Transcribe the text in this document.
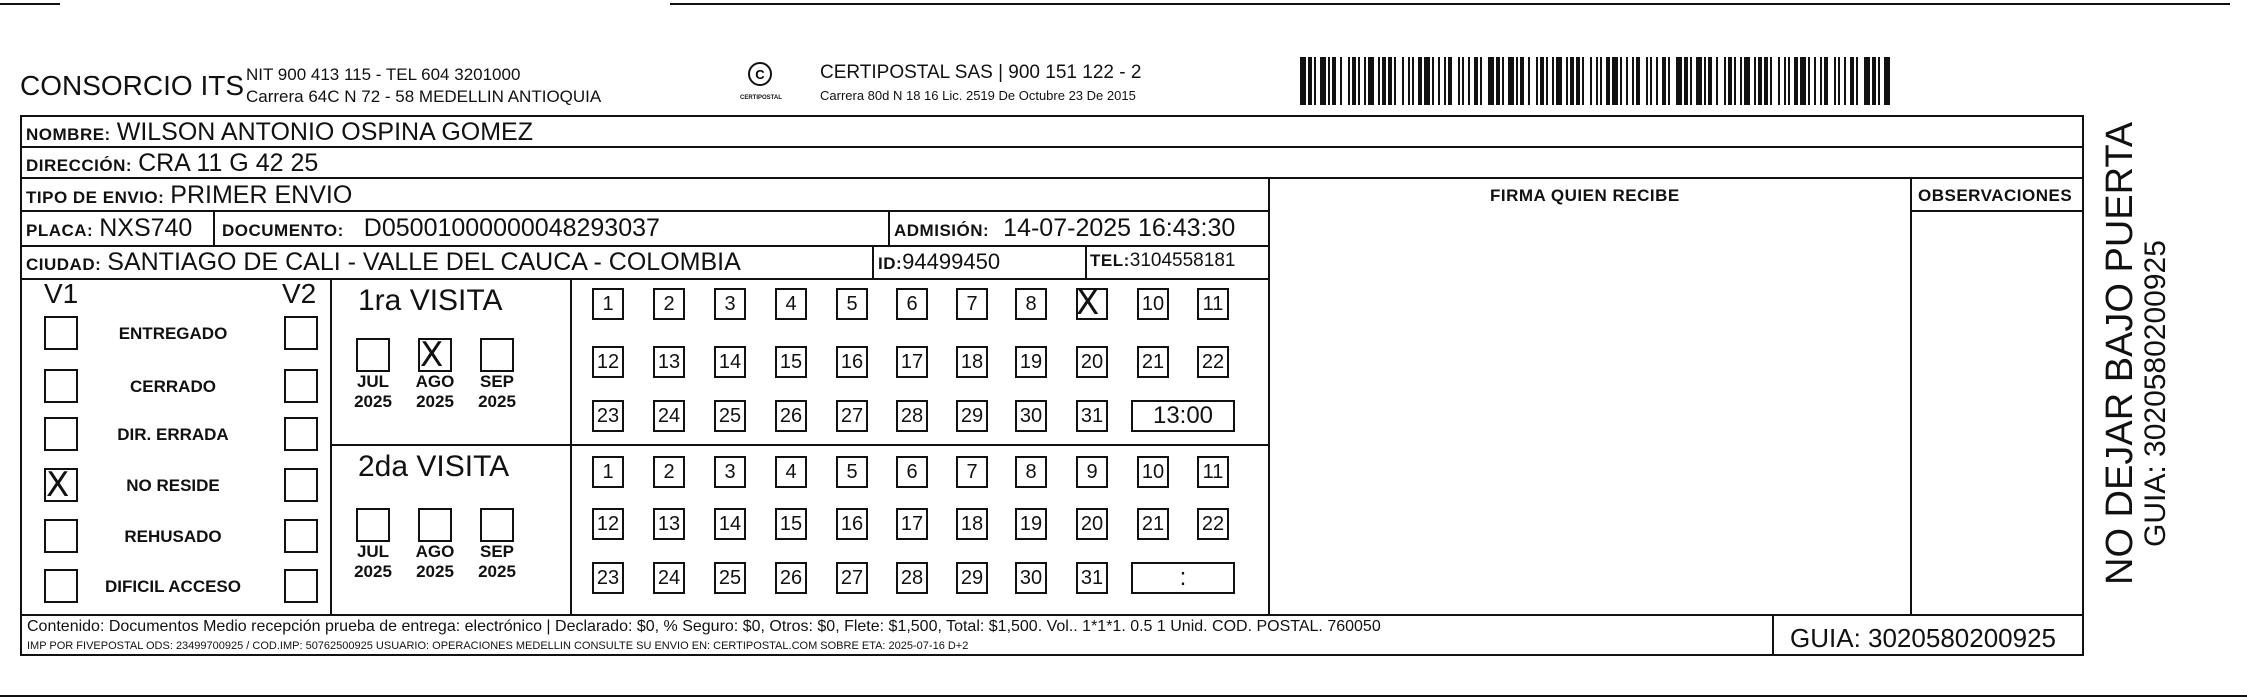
CONSORCIO ITS NIT 900 413 115 - TEL 604 3201000
Carrera 64C N 72 - 58 MEDELLIN ANTIOQUIA
C
CERTIPOSTAL
CERTIPOSTAL SAS | 900 151 122 - 2
Carrera 80d N 18 16 Lic. 2519 De Octubre 23 De 2015
NOMBRE: WILSON ANTONIO OSPINA GOMEZ
DIRECCIÓN: CRA 11 G 42 25
TIPO DE ENVIO: PRIMER ENVIO	FIRMA QUIEN RECIBE	OBSERVACIONES
PLACA: NXS740 DOCUMENTO: D05001000000048293037	ADMISIÓN: 14-07-2025 16:43:30
CIUDAD: SANTIAGO DE CALI - VALLE DEL CAUCA - COLOMBIA	ID: 94499450	TEL: 3104558181
V1	V2
ENTREGADO
CERRADO
DIR. ERRADA
X	NO RESIDE
REHUSADO
DIFICIL ACCESO
1ra VISITA
JUL
2025
X
AGO
2025
SEP
2025
1	2	3	4	5	6	7	8	X 10 11
12 13 14 15 16 17 18 19 20 21 22
23 24 25 26 27 28 29 30 31	13:00
2da VISITA
JUL
2025
AGO
2025
SEP
2025
1	2	3	4	5	6	7	8	9	10 11
12 13 14 15 16 17 18 19 20 21 22
23 24 25 26 27 28 29 30 31	:	NO DEJAR BAJO PUERTA
GUIA: 3020580200925
Contenido: Documentos Medio recepción prueba de entrega: electrónico | Declarado: $0, % Seguro: $0, Otros: $0, Flete: $1,500, Total: $1,500. Vol.. 1*1*1. 0.5 1 Unid. COD. POSTAL. 760050
IMP POR FIVEPOSTAL ODS: 23499700925 / COD.IMP: 50762500925 USUARIO: OPERACIONES MEDELLIN CONSULTE SU ENVIO EN: CERTIPOSTAL.COM SOBRE ETA: 2025-07-16 D+2	GUIA: 3020580200925
